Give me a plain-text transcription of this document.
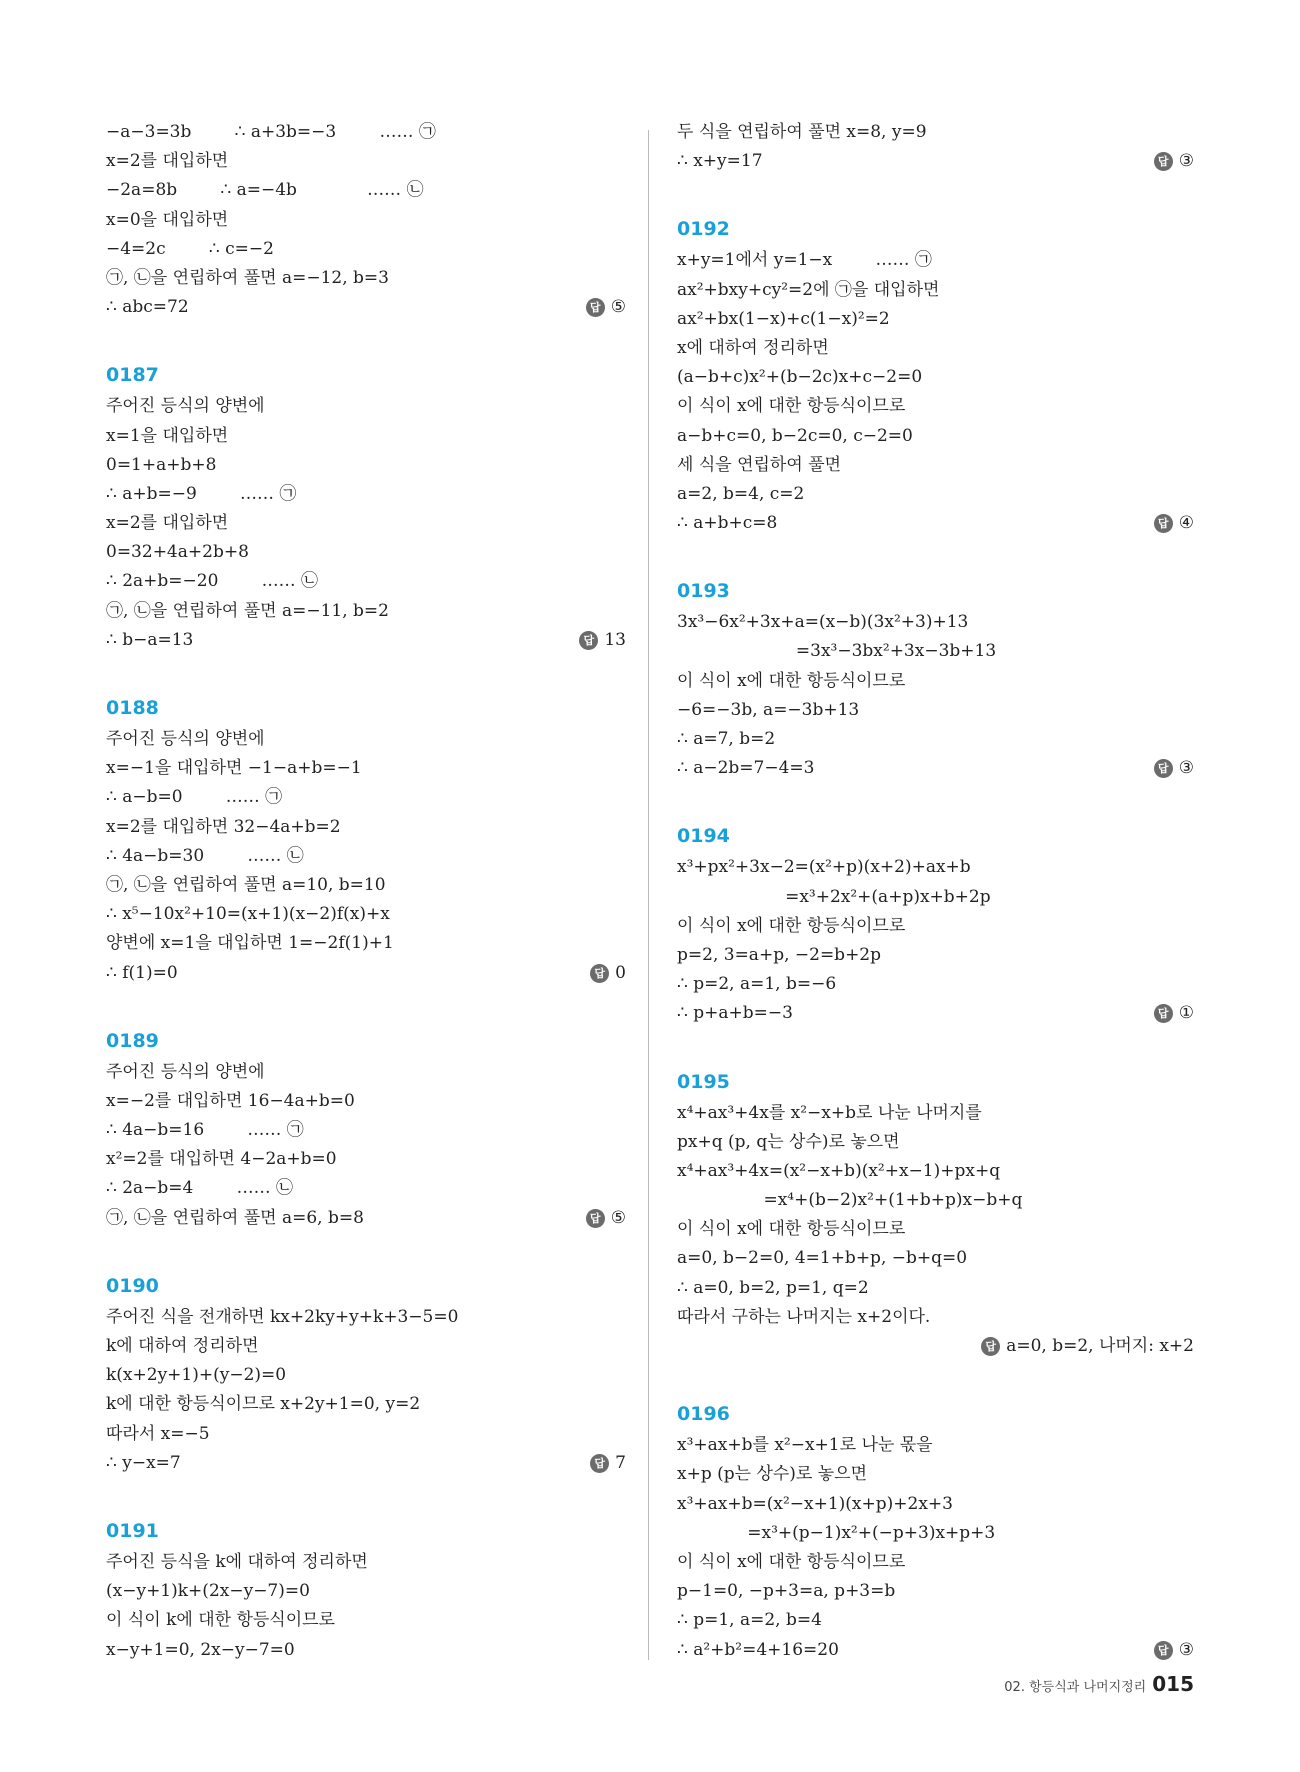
−a−3=3b        ∴ a+3b=−3        …… ㉠
x=2를 대입하면
−2a=8b        ∴ a=−4b             …… ㉡
x=0을 대입하면
−4=2c        ∴ c=−2
㉠, ㉡을 연립하여 풀면 a=−12, b=3
∴ abc=72	답 ⑤
0187
주어진 등식의 양변에
x=1을 대입하면
0=1+a+b+8
∴ a+b=−9        …… ㉠
x=2를 대입하면
0=32+4a+2b+8
∴ 2a+b=−20        …… ㉡
㉠, ㉡을 연립하여 풀면 a=−11, b=2
∴ b−a=13	답 13
0188
주어진 등식의 양변에
x=−1을 대입하면 −1−a+b=−1
∴ a−b=0        …… ㉠
x=2를 대입하면 32−4a+b=2
∴ 4a−b=30        …… ㉡
㉠, ㉡을 연립하여 풀면 a=10, b=10
∴ x⁵−10x²+10=(x+1)(x−2)f(x)+x
양변에 x=1을 대입하면 1=−2f(1)+1
∴ f(1)=0	답 0
0189
주어진 등식의 양변에
x=−2를 대입하면 16−4a+b=0
∴ 4a−b=16        …… ㉠
x²=2를 대입하면 4−2a+b=0
∴ 2a−b=4        …… ㉡
㉠, ㉡을 연립하여 풀면 a=6, b=8	답 ⑤
0190
주어진 식을 전개하면 kx+2ky+y+k+3−5=0
k에 대하여 정리하면
k(x+2y+1)+(y−2)=0
k에 대한 항등식이므로 x+2y+1=0, y=2
따라서 x=−5
∴ y−x=7	답 7
0191
주어진 등식을 k에 대하여 정리하면
(x−y+1)k+(2x−y−7)=0
이 식이 k에 대한 항등식이므로
x−y+1=0, 2x−y−7=0
두 식을 연립하여 풀면 x=8, y=9
∴ x+y=17	답 ③
0192
x+y=1에서 y=1−x        …… ㉠
ax²+bxy+cy²=2에 ㉠을 대입하면
ax²+bx(1−x)+c(1−x)²=2
x에 대하여 정리하면
(a−b+c)x²+(b−2c)x+c−2=0
이 식이 x에 대한 항등식이므로
a−b+c=0, b−2c=0, c−2=0
세 식을 연립하여 풀면
a=2, b=4, c=2
∴ a+b+c=8	답 ④
0193
3x³−6x²+3x+a=(x−b)(3x²+3)+13
=3x³−3bx²+3x−3b+13
이 식이 x에 대한 항등식이므로
−6=−3b, a=−3b+13
∴ a=7, b=2
∴ a−2b=7−4=3	답 ③
0194
x³+px²+3x−2=(x²+p)(x+2)+ax+b
=x³+2x²+(a+p)x+b+2p
이 식이 x에 대한 항등식이므로
p=2, 3=a+p, −2=b+2p
∴ p=2, a=1, b=−6
∴ p+a+b=−3	답 ①
0195
x⁴+ax³+4x를 x²−x+b로 나눈 나머지를
px+q (p, q는 상수)로 놓으면
x⁴+ax³+4x=(x²−x+b)(x²+x−1)+px+q
=x⁴+(b−2)x²+(1+b+p)x−b+q
이 식이 x에 대한 항등식이므로
a=0, b−2=0, 4=1+b+p, −b+q=0
∴ a=0, b=2, p=1, q=2
따라서 구하는 나머지는 x+2이다.
답 a=0, b=2, 나머지: x+2
0196
x³+ax+b를 x²−x+1로 나눈 몫을
x+p (p는 상수)로 놓으면
x³+ax+b=(x²−x+1)(x+p)+2x+3
=x³+(p−1)x²+(−p+3)x+p+3
이 식이 x에 대한 항등식이므로
p−1=0, −p+3=a, p+3=b
∴ p=1, a=2, b=4
∴ a²+b²=4+16=20	답 ③
02. 항등식과 나머지정리 015
